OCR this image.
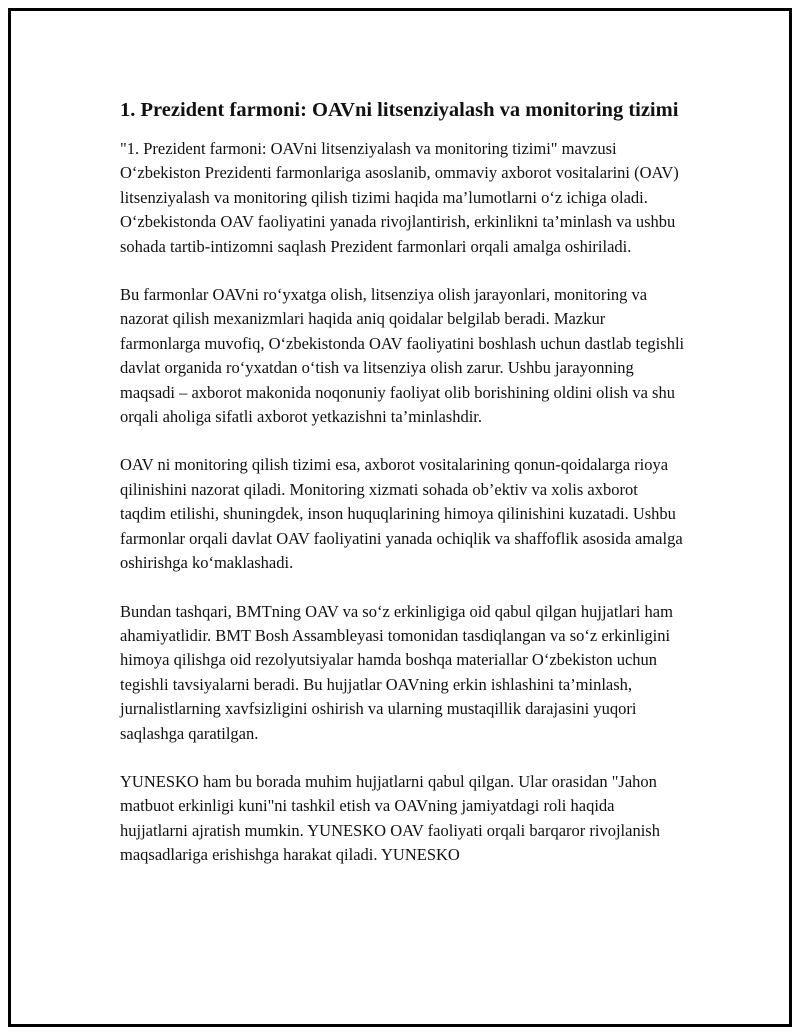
1. Prezident farmoni: OAVni litsenziyalash va monitoring tizimi

"1. Prezident farmoni: OAVni litsenziyalash va monitoring tizimi" mavzusi O‘zbekiston Prezidenti farmonlariga asoslanib, ommaviy axborot vositalarini (OAV) litsenziyalash va monitoring qilish tizimi haqida ma’lumotlarni o‘z ichiga oladi. O‘zbekistonda OAV faoliyatini yanada rivojlantirish, erkinlikni ta’minlash va ushbu sohada tartib-intizomni saqlash Prezident farmonlari orqali amalga oshiriladi.

Bu farmonlar OAVni ro‘yxatga olish, litsenziya olish jarayonlari, monitoring va nazorat qilish mexanizmlari haqida aniq qoidalar belgilab beradi. Mazkur farmonlarga muvofiq, O‘zbekistonda OAV faoliyatini boshlash uchun dastlab tegishli davlat organida ro‘yxatdan o‘tish va litsenziya olish zarur. Ushbu jarayonning maqsadi – axborot makonida noqonuniy faoliyat olib borishining oldini olish va shu orqali aholiga sifatli axborot yetkazishni ta’minlashdir.

OAV ni monitoring qilish tizimi esa, axborot vositalarining qonun-qoidalarga rioya qilinishini nazorat qiladi. Monitoring xizmati sohada ob’ektiv va xolis axborot taqdim etilishi, shuningdek, inson huquqlarining himoya qilinishini kuzatadi. Ushbu farmonlar orqali davlat OAV faoliyatini yanada ochiqlik va shaffoflik asosida amalga oshirishga ko‘maklashadi.

Bundan tashqari, BMTning OAV va so‘z erkinligiga oid qabul qilgan hujjatlari ham ahamiyatlidir. BMT Bosh Assambleyasi tomonidan tasdiqlangan va so‘z erkinligini himoya qilishga oid rezolyutsiyalar hamda boshqa materiallar O‘zbekiston uchun tegishli tavsiyalarni beradi. Bu hujjatlar OAVning erkin ishlashini ta’minlash, jurnalistlarning xavfsizligini oshirish va ularning mustaqillik darajasini yuqori saqlashga qaratilgan.

YUNESKO ham bu borada muhim hujjatlarni qabul qilgan. Ular orasidan "Jahon matbuot erkinligi kuni"ni tashkil etish va OAVning jamiyatdagi roli haqida hujjatlarni ajratish mumkin. YUNESKO OAV faoliyati orqali barqaror rivojlanish maqsadlariga erishishga harakat qiladi. YUNESKO
